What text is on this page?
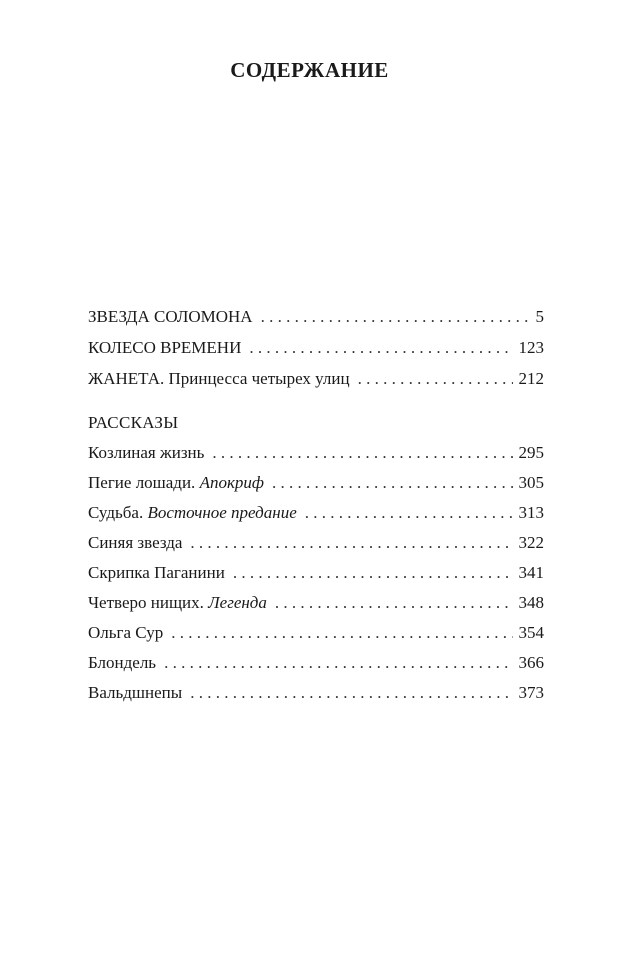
СОДЕРЖАНИЕ
ЗВЕЗДА СОЛОМОНА . . .	5
КОЛЕСО ВРЕМЕНИ . . .	123
ЖАНЕТА. Принцесса четырех улиц . . .	212
РАССКАЗЫ
Козлиная жизнь . . .	295
Пегие лошади. Апокриф . . .	305
Судьба. Восточное предание . . .	313
Синяя звезда . . .	322
Скрипка Паганини . . .	341
Четверо нищих. Легенда . . .	348
Ольга Сур . . .	354
Блондель . . .	366
Вальдшнепы . . .	373
